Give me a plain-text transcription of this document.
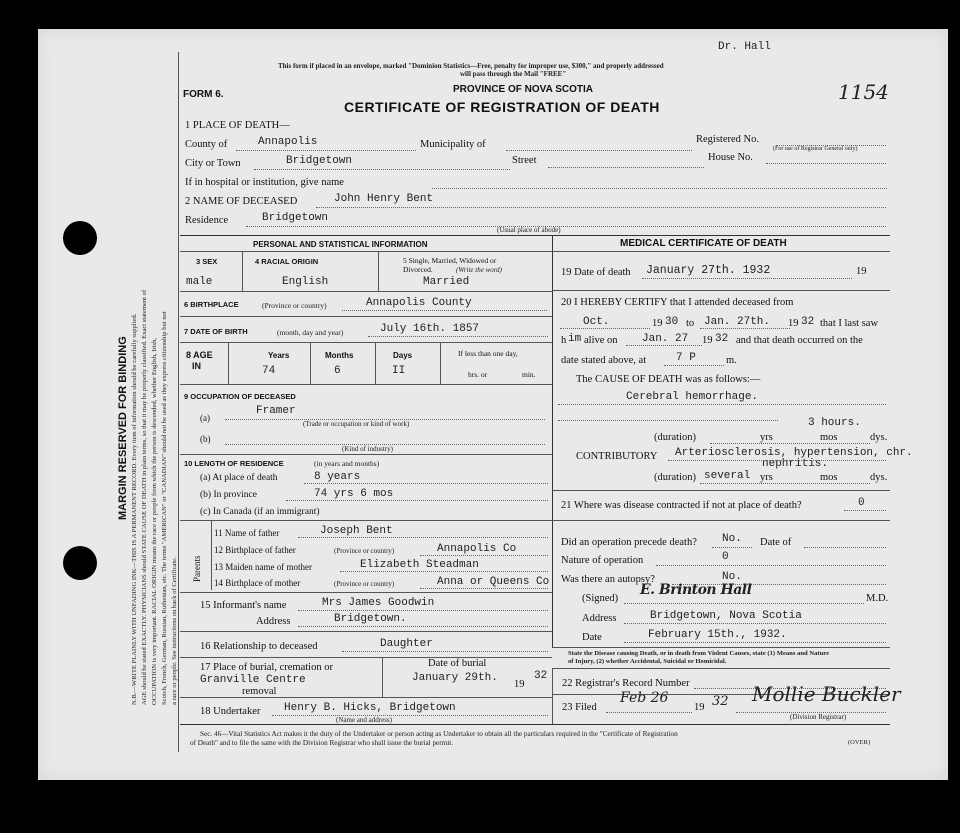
MARGIN RESERVED FOR BINDING N.B.—WRITE PLAINLY WITH UNFADING INK—THIS IS A PERMANENT RECORD. Every item of information should be carefully supplied. AGE should be stated EXACTLY. PHYSICIANS should STATE CAUSE OF DEATH in plain terms, so that it may be properly classified. Exact statement of OCCUPATION is very important. RACIAL ORIGIN means the race or people from which the person is descended, whether English, Irish, Scotch, French, German, Russian, Ruthenian, etc. The terms "AMERICAN" or "CANADIAN" should not be used as they express citizenship but not a race or people. See instructions on back of Certificate.
Dr. Hall
1154
This form if placed in an envelope, marked "Dominion Statistics—Free, penalty for improper use, $300," and properly addressed
will pass through the Mail "FREE"
PROVINCE OF NOVA SCOTIA
FORM 6.
CERTIFICATE OF REGISTRATION OF DEATH
1 PLACE OF DEATH—
County of	Annapolis	Municipality of	Registered No.
(For use of Registrar General only)
City or Town	Bridgetown	Street	House No.
If in hospital or institution, give name
2 NAME OF DECEASED	John Henry Bent
Residence	Bridgetown
(Usual place of abode)
PERSONAL AND STATISTICAL INFORMATION
3 SEX
male
4 RACIAL ORIGIN
English
5 Single, Married, Widowed or
Divorced.	(Write the word)
Married
6 BIRTHPLACE	(Province or country)	Annapolis County
7 DATE OF BIRTH	(month, day and year)	July 16th. 1857
8 AGE
IN
Years
74
Months
6
Days
II
If less than one day,
hrs. or	min.
9 OCCUPATION OF DECEASED
(a)
Framer
(Trade or occupation or kind of work)
(b)
(Kind of industry)
10 LENGTH OF RESIDENCE	(in years and months)
(a) At place of death	8 years
(b) In province	74 yrs 6 mos
(c) In Canada (if an immigrant)
Parents
11 Name of father	Joseph Bent
12 Birthplace of father	(Province or country)	Annapolis Co
13 Maiden name of mother	Elizabeth Steadman
14 Birthplace of mother	(Province or country)	Anna or Queens Co
15 Informant's name	Mrs James Goodwin
Address	Bridgetown.
16 Relationship to deceased	Daughter
17 Place of burial, cremation or
Granville Centre
removal
Date of burial
January 29th.
19
32
18 Undertaker Henry B. Hicks, Bridgetown
(Name and address)
MEDICAL CERTIFICATE OF DEATH
19 Date of death January 27th. 1932	19
20 I HEREBY CERTIFY that I attended deceased from
Oct.	19 30 to Jan. 27th. 19 32 that I last saw
h im alive on Jan. 27 19 32 and that death occurred on the
date stated above, at	7 P	m.
The CAUSE OF DEATH was as follows:—
Cerebral hemorrhage.
3 hours.
(duration)	yrs	mos	dys.
CONTRIBUTORY Arteriosclerosis, hypertension, chr.
nephritis.
(duration) several yrs	mos	dys.
21 Where was disease contracted if not at place of death?	0
Did an operation precede death? No. Date of
Nature of operation	0
Was there an autopsy?	No.
(Signed)
E. Brinton Hall
M.D.
Address	Bridgetown, Nova Scotia
Date	February 15th., 1932.
State the Disease causing Death, or in death from Violent Causes, state (1) Means and Nature
of Injury, (2) whether Accidental, Suicidal or Homicidal.
22 Registrar's Record Number
23 Filed
Feb 26
19 32 Mollie Buckler
(Division Registrar)
Sec. 46—Vital Statistics Act makes it the duty of the Undertaker or person acting as Undertaker to obtain all the particulars required in the "Certificate of Registration
of Death" and to file the same with the Division Registrar who shall issue the burial permit.	(OVER)
